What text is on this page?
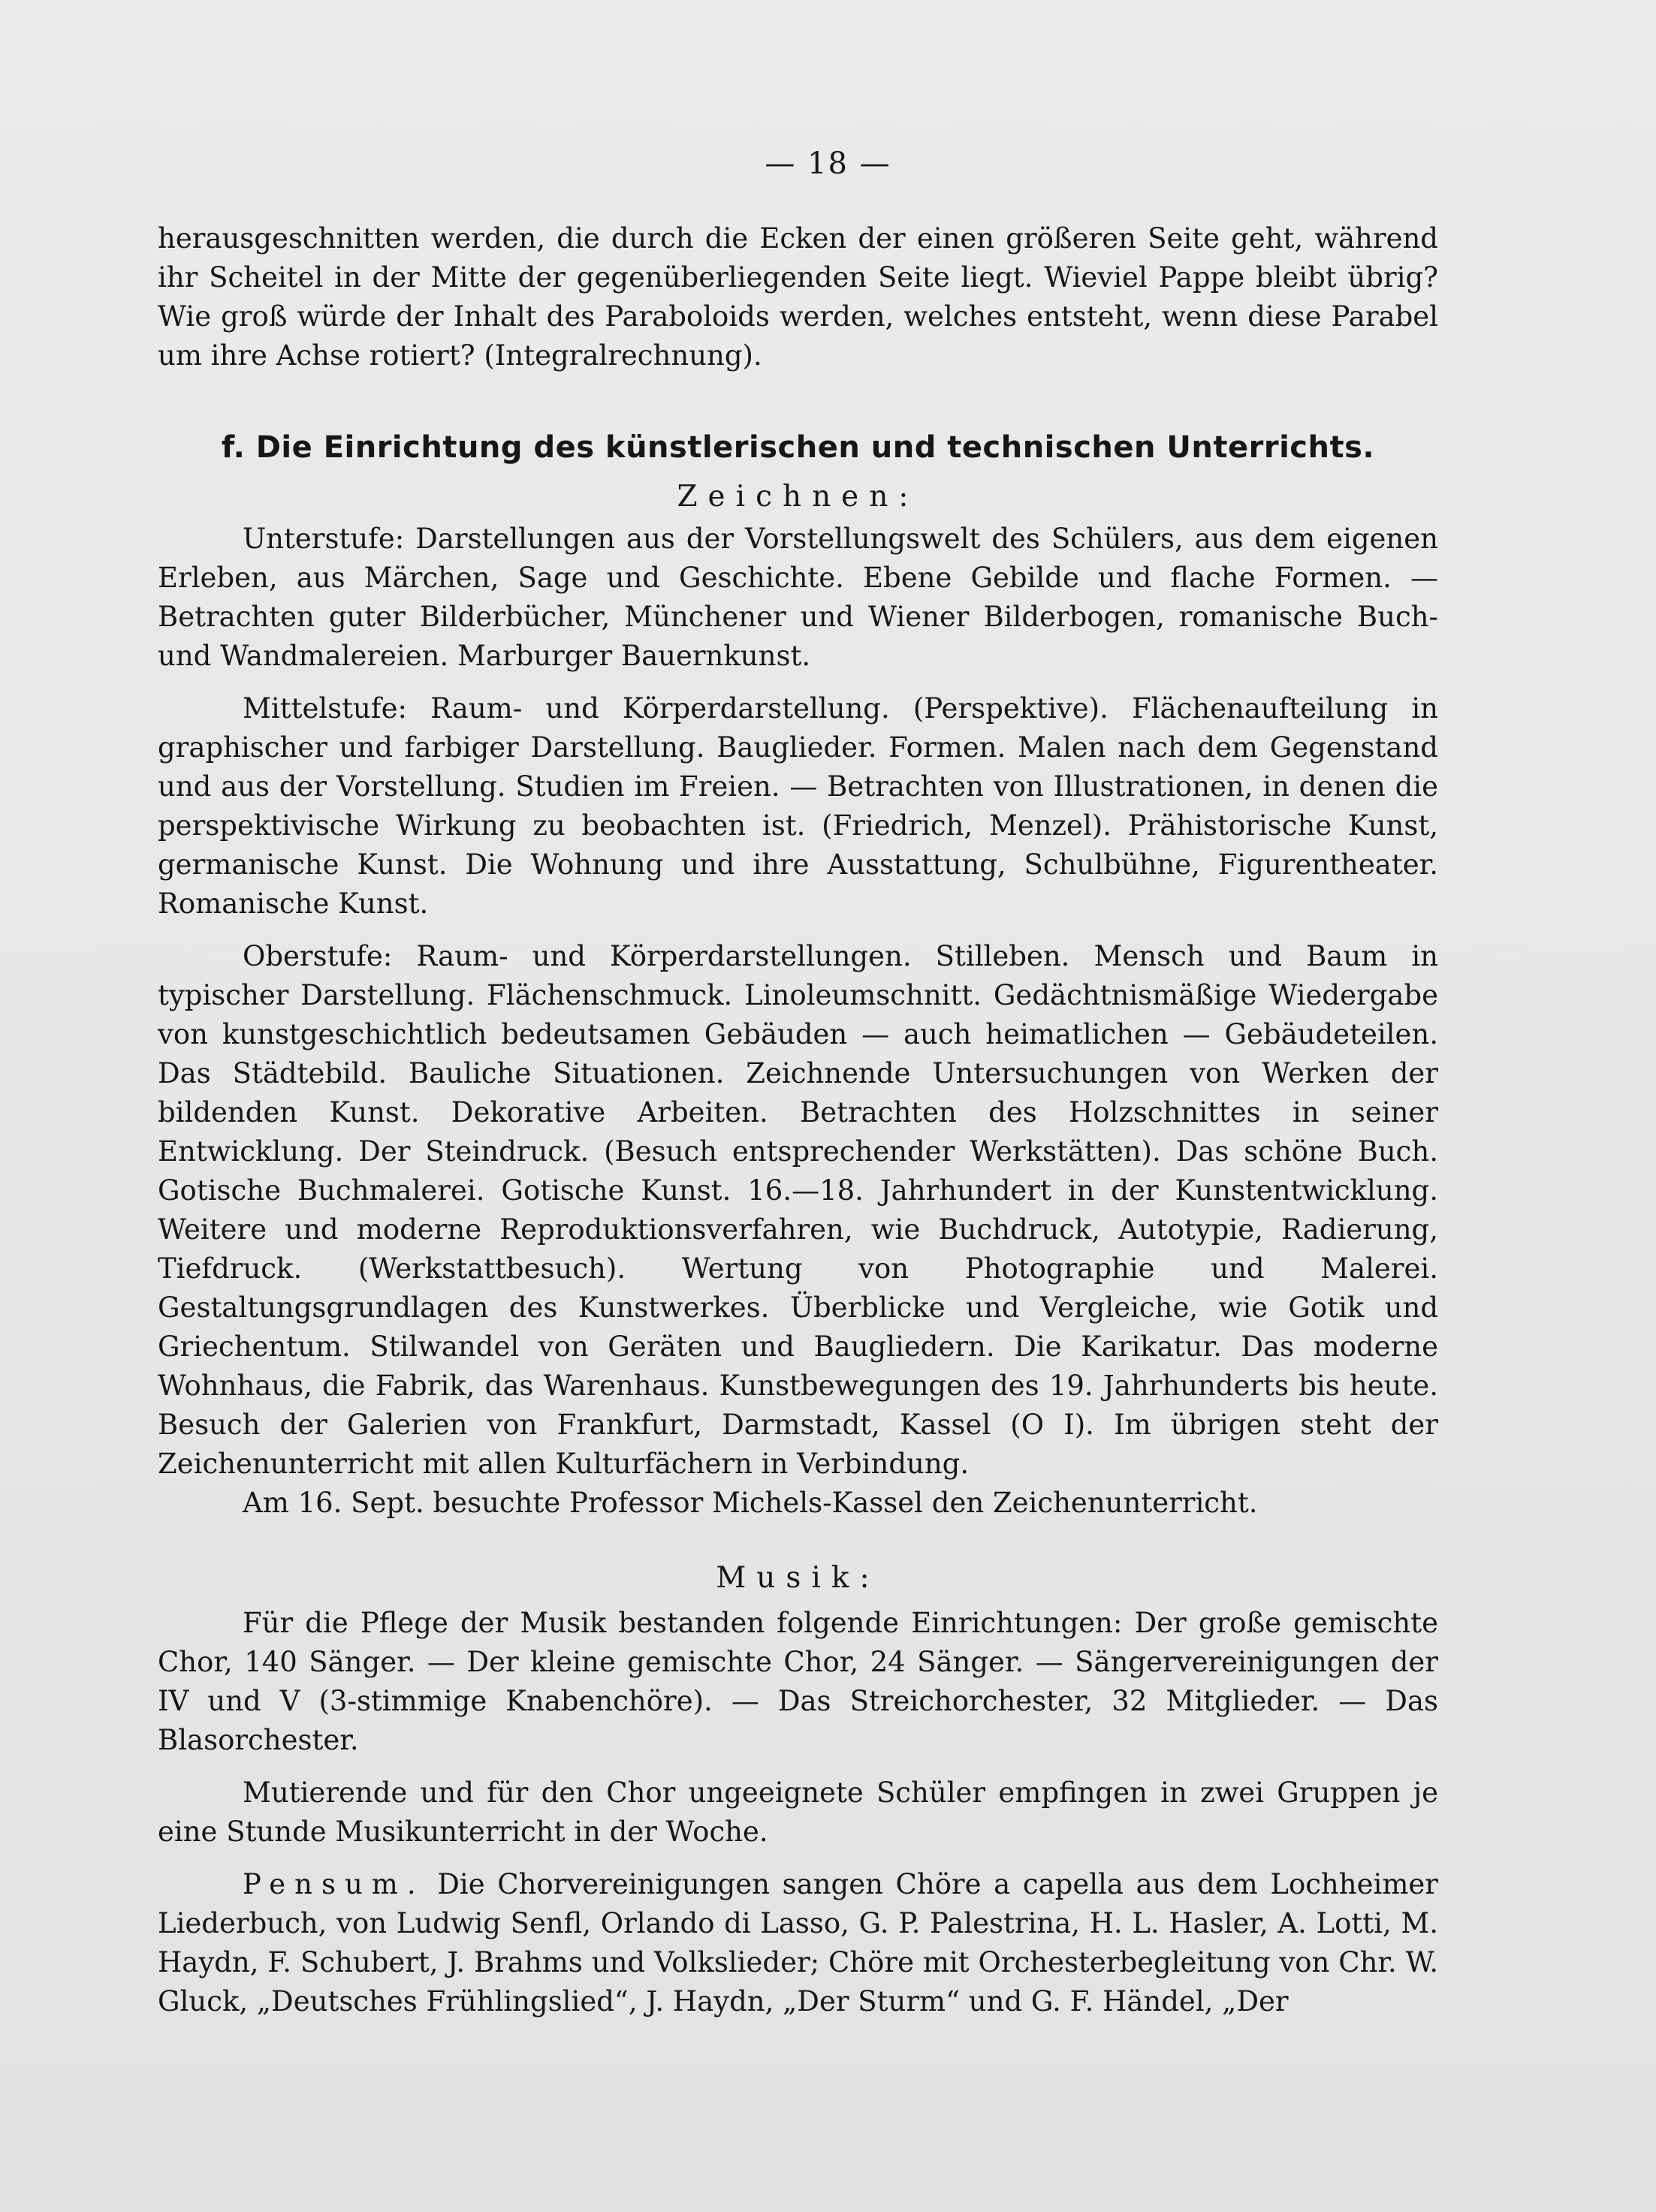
— 18 —

herausgeschnitten werden, die durch die Ecken der einen größeren Seite geht, während ihr Scheitel in der Mitte der gegenüberliegenden Seite liegt. Wieviel Pappe bleibt übrig? Wie groß würde der Inhalt des Paraboloids werden, welches entsteht, wenn diese Parabel um ihre Achse rotiert? (Integralrechnung).

f. Die Einrichtung des künstlerischen und technischen Unterrichts.

Zeichnen:

Unterstufe: Darstellungen aus der Vorstellungswelt des Schülers, aus dem eigenen Erleben, aus Märchen, Sage und Geschichte. Ebene Gebilde und flache Formen. — Betrachten guter Bilderbücher, Münchener und Wiener Bilderbogen, romanische Buch- und Wandmalereien. Marburger Bauernkunst.

Mittelstufe: Raum- und Körperdarstellung. (Perspektive). Flächenaufteilung in graphischer und farbiger Darstellung. Bauglieder. Formen. Malen nach dem Gegenstand und aus der Vorstellung. Studien im Freien. — Betrachten von Illustrationen, in denen die perspektivische Wirkung zu beobachten ist. (Friedrich, Menzel). Prähistorische Kunst, germanische Kunst. Die Wohnung und ihre Ausstattung, Schulbühne, Figurentheater. Romanische Kunst.

Oberstufe: Raum- und Körperdarstellungen. Stilleben. Mensch und Baum in typischer Darstellung. Flächenschmuck. Linoleumschnitt. Gedächtnismäßige Wiedergabe von kunstgeschichtlich bedeutsamen Gebäuden — auch heimatlichen — Gebäudeteilen. Das Städtebild. Bauliche Situationen. Zeichnende Untersuchungen von Werken der bildenden Kunst. Dekorative Arbeiten. Betrachten des Holzschnittes in seiner Entwicklung. Der Steindruck. (Besuch entsprechender Werkstätten). Das schöne Buch. Gotische Buchmalerei. Gotische Kunst. 16.—18. Jahrhundert in der Kunstentwicklung. Weitere und moderne Reproduktionsverfahren, wie Buchdruck, Autotypie, Radierung, Tiefdruck. (Werkstattbesuch). Wertung von Photographie und Malerei. Gestaltungsgrundlagen des Kunstwerkes. Überblicke und Vergleiche, wie Gotik und Griechentum. Stilwandel von Geräten und Baugliedern. Die Karikatur. Das moderne Wohnhaus, die Fabrik, das Warenhaus. Kunstbewegungen des 19. Jahrhunderts bis heute. Besuch der Galerien von Frankfurt, Darmstadt, Kassel (O I). Im übrigen steht der Zeichenunterricht mit allen Kulturfächern in Verbindung.

Am 16. Sept. besuchte Professor Michels-Kassel den Zeichenunterricht.

Musik:

Für die Pflege der Musik bestanden folgende Einrichtungen: Der große gemischte Chor, 140 Sänger. — Der kleine gemischte Chor, 24 Sänger. — Sängervereinigungen der IV und V (3-stimmige Knabenchöre). — Das Streichorchester, 32 Mitglieder. — Das Blasorchester.

Mutierende und für den Chor ungeeignete Schüler empfingen in zwei Gruppen je eine Stunde Musikunterricht in der Woche.

Pensum. Die Chorvereinigungen sangen Chöre a capella aus dem Lochheimer Liederbuch, von Ludwig Senfl, Orlando di Lasso, G. P. Palestrina, H. L. Hasler, A. Lotti, M. Haydn, F. Schubert, J. Brahms und Volkslieder; Chöre mit Orchesterbegleitung von Chr. W. Gluck, „Deutsches Frühlingslied“, J. Haydn, „Der Sturm“ und G. F. Händel, „Der
